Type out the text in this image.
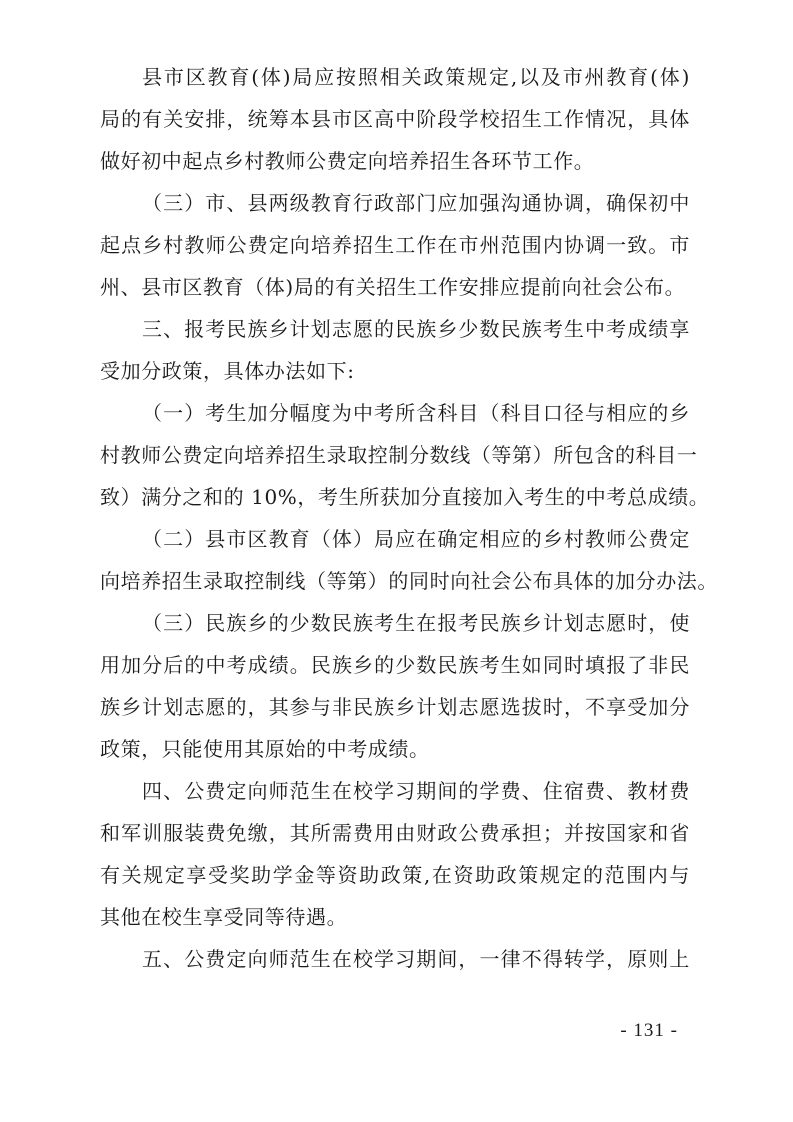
县市区教育(体)局应按照相关政策规定,以及市州教育(体)
局的有关安排，统筹本县市区高中阶段学校招生工作情况，具体
做好初中起点乡村教师公费定向培养招生各环节工作。
（三）市、县两级教育行政部门应加强沟通协调，确保初中
起点乡村教师公费定向培养招生工作在市州范围内协调一致。市
州、县市区教育（体)局的有关招生工作安排应提前向社会公布。
三、报考民族乡计划志愿的民族乡少数民族考生中考成绩享
受加分政策，具体办法如下:
（一）考生加分幅度为中考所含科目（科目口径与相应的乡
村教师公费定向培养招生录取控制分数线（等第）所包含的科目一
致）满分之和的 10%，考生所获加分直接加入考生的中考总成绩。
（二）县市区教育（体）局应在确定相应的乡村教师公费定
向培养招生录取控制线（等第）的同时向社会公布具体的加分办法。
（三）民族乡的少数民族考生在报考民族乡计划志愿时，使
用加分后的中考成绩。民族乡的少数民族考生如同时填报了非民
族乡计划志愿的，其参与非民族乡计划志愿选拔时，不享受加分
政策，只能使用其原始的中考成绩。
四、公费定向师范生在校学习期间的学费、住宿费、教材费
和军训服装费免缴，其所需费用由财政公费承担；并按国家和省
有关规定享受奖助学金等资助政策,在资助政策规定的范围内与
其他在校生享受同等待遇。
五、公费定向师范生在校学习期间，一律不得转学，原则上
- 131 -
